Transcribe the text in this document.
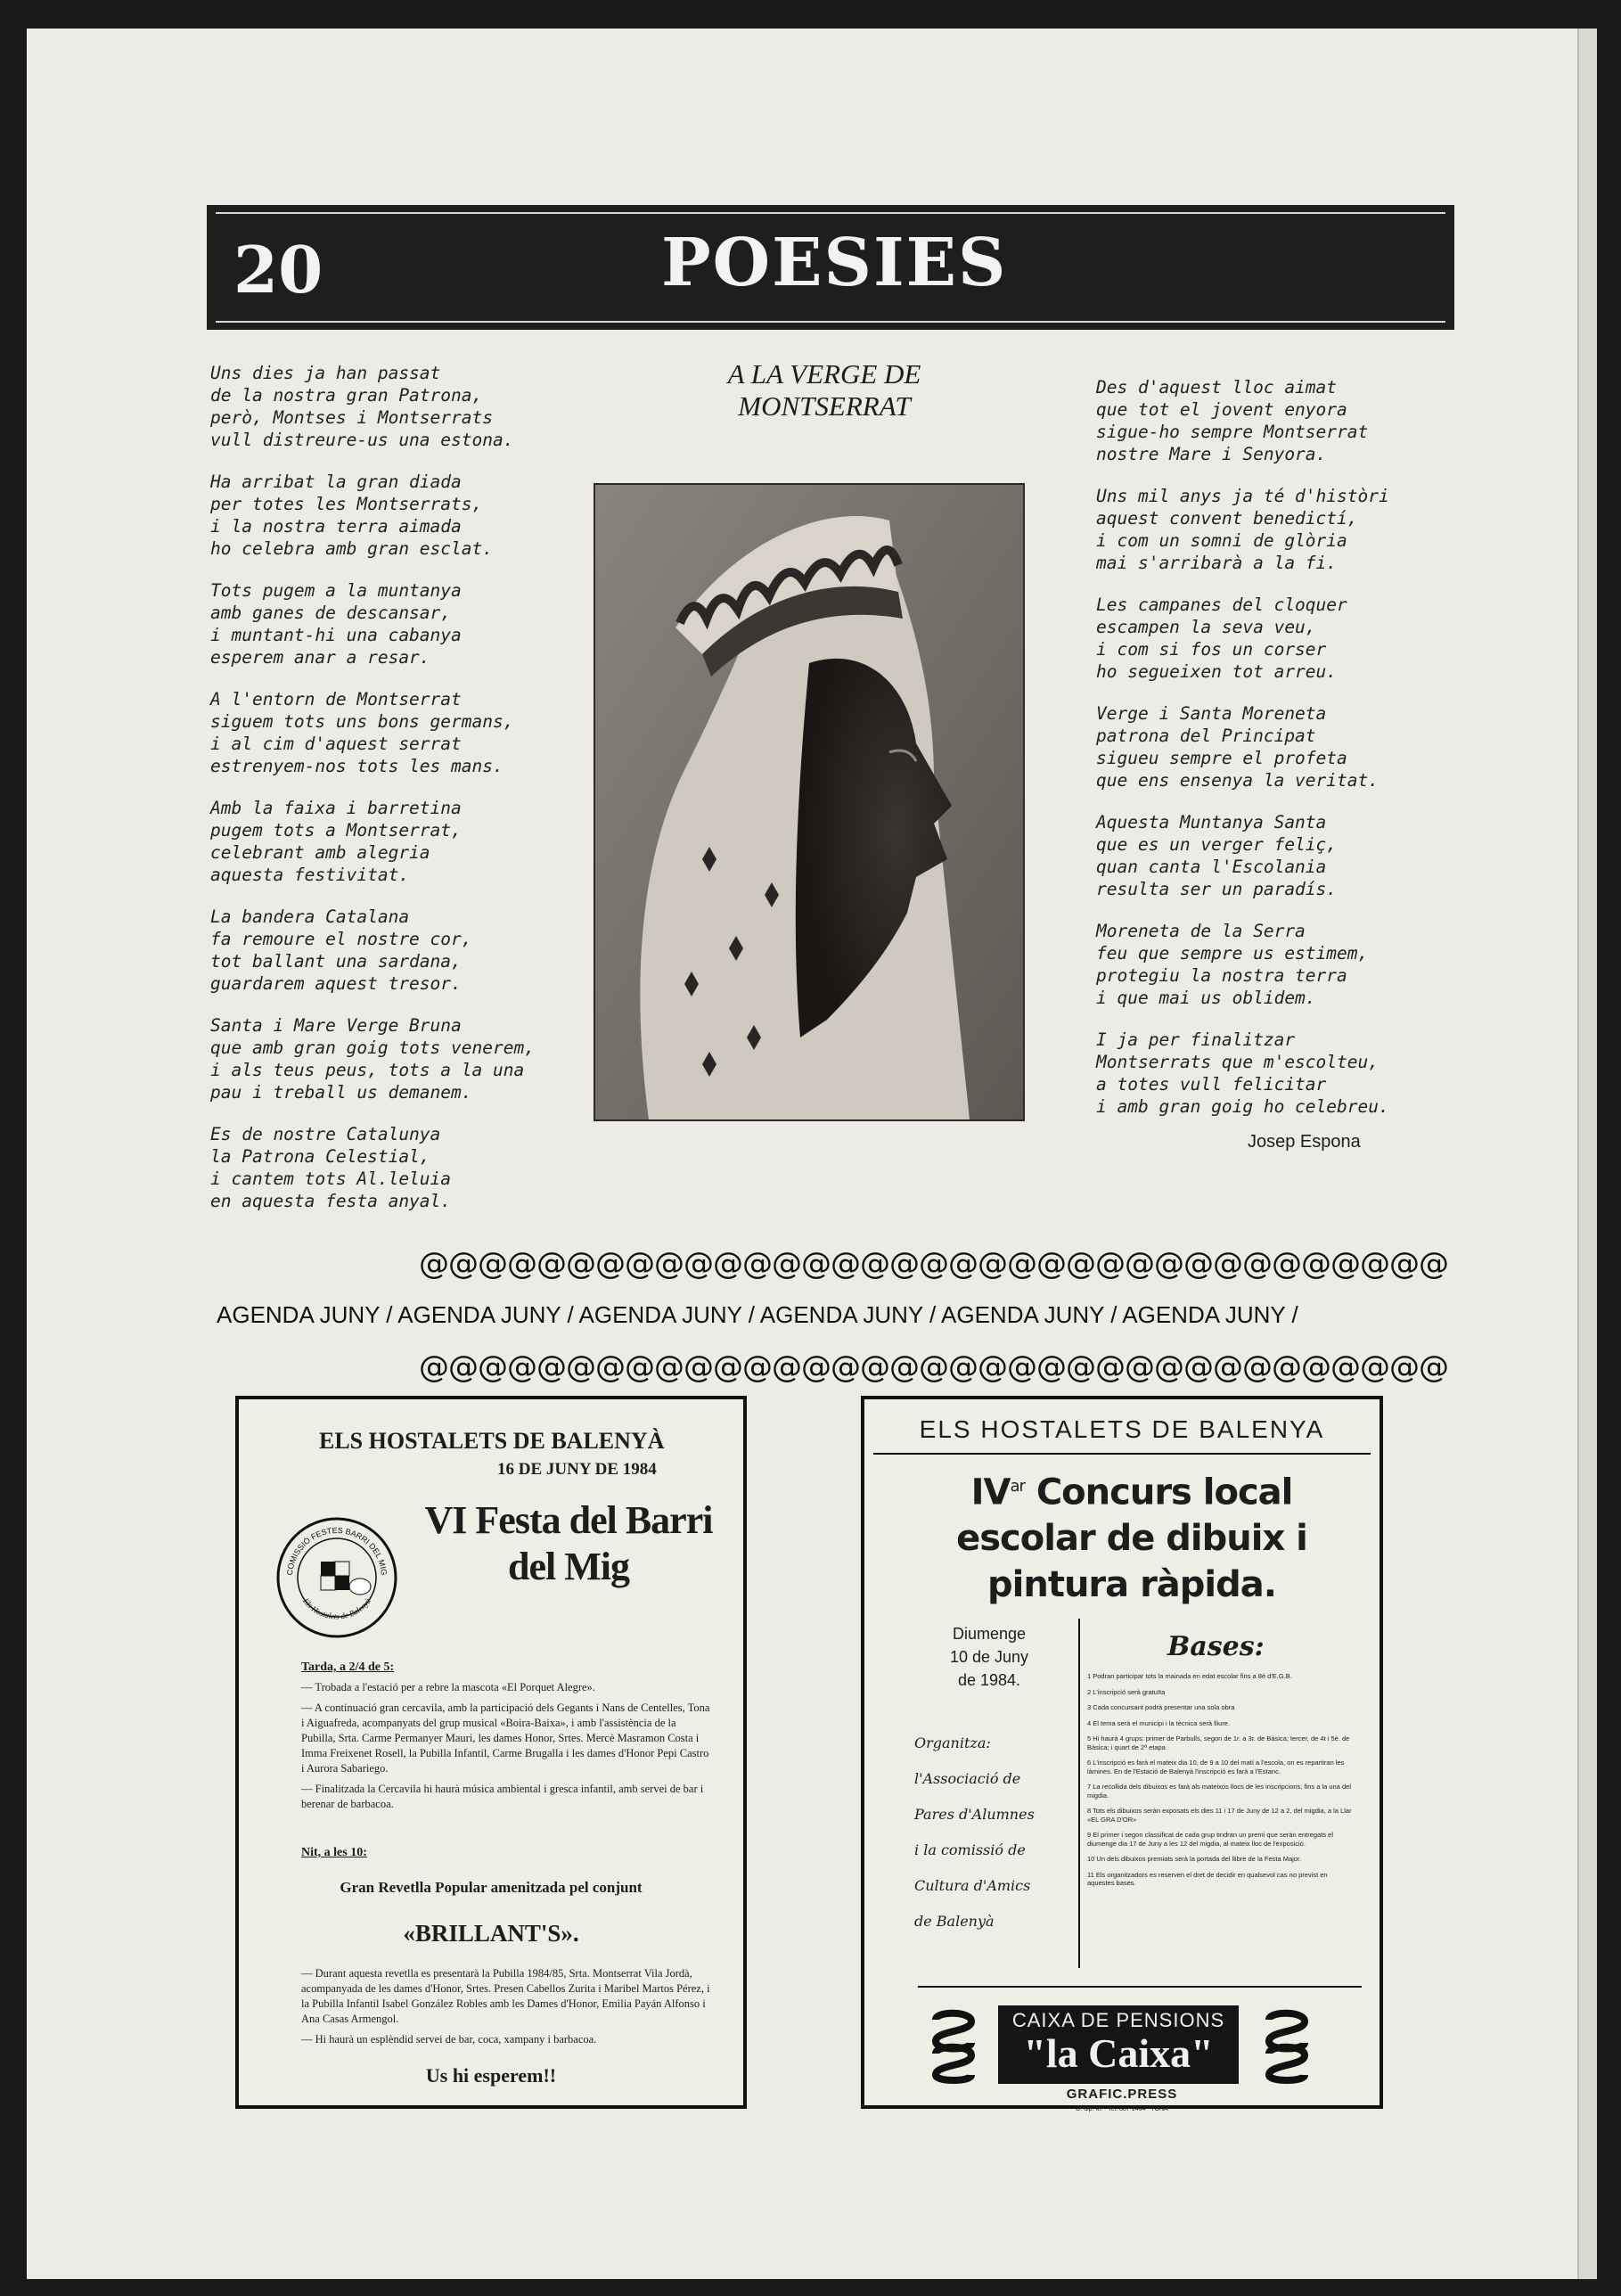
20	POESIES
Uns dies ja han passat
de la nostra gran Patrona,
però, Montses i Montserrats
vull distreure-us una estona.
Ha arribat la gran diada
per totes les Montserrats,
i la nostra terra aimada
ho celebra amb gran esclat.
Tots pugem a la muntanya
amb ganes de descansar,
i muntant-hi una cabanya
esperem anar a resar.
A l'entorn de Montserrat
siguem tots uns bons germans,
i al cim d'aquest serrat
estrenyem-nos tots les mans.
Amb la faixa i barretina
pugem tots a Montserrat,
celebrant amb alegria
aquesta festivitat.
La bandera Catalana
fa remoure el nostre cor,
tot ballant una sardana,
guardarem aquest tresor.
Santa i Mare Verge Bruna
que amb gran goig tots venerem,
i als teus peus, tots a la una
pau i treball us demanem.
Es de nostre Catalunya
la Patrona Celestial,
i cantem tots Al.leluia
en aquesta festa anyal.
A LA VERGE DE MONTSERRAT
Des d'aquest lloc aimat
que tot el jovent enyora
sigue-ho sempre Montserrat
nostre Mare i Senyora.
Uns mil anys ja té d'històri
aquest convent benedictí,
i com un somni de glòria
mai s'arribarà a la fi.
Les campanes del cloquer
escampen la seva veu,
i com si fos un corser
ho segueixen tot arreu.
Verge i Santa Moreneta
patrona del Principat
sigueu sempre el profeta
que ens ensenya la veritat.
Aquesta Muntanya Santa
que es un verger feliç,
quan canta l'Escolania
resulta ser un paradís.
Moreneta de la Serra
feu que sempre us estimem,
protegiu la nostra terra
i que mai us oblidem.
I ja per finalitzar
Montserrats que m'escolteu,
a totes vull felicitar
i amb gran goig ho celebreu.
Josep Espona
@@@@@@@@@@@@@@@@@@@@@@@@@@@@@@@@@@@
AGENDA JUNY / AGENDA JUNY / AGENDA JUNY / AGENDA JUNY / AGENDA JUNY / AGENDA JUNY /
@@@@@@@@@@@@@@@@@@@@@@@@@@@@@@@@@@@
ELS HOSTALETS DE BALENYÀ
16 DE JUNY DE 1984
VI Festa del Barri del Mig
COMISSIÓ FESTES BARRI DEL MIG
Els Hostalets de Balenyà
Tarda, a 2/4 de 5:
— Trobada a l'estació per a rebre la mascota «El Porquet Alegre».
— A continuació gran cercavila, amb la participació dels Gegants i Nans de Centelles, Tona i Aiguafreda, acompanyats del grup musical «Boira-Baixa», i amb l'assistència de la Pubilla, Srta. Carme Permanyer Mauri, les dames Honor, Srtes. Mercè Masramon Costa i Imma Freixenet Rosell, la Pubilla Infantil, Carme Brugalla i les dames d'Honor Pepi Castro i Aurora Sabariego.
— Finalitzada la Cercavila hi haurà música ambiental i gresca infantil, amb servei de bar i berenar de barbacoa.
Nit, a les 10:
Gran Revetlla Popular amenitzada pel conjunt
«BRILLANT'S».
— Durant aquesta revetlla es presentarà la Pubilla 1984/85, Srta. Montserrat Vila Jordà, acompanyada de les dames d'Honor, Srtes. Presen Cabellos Zurita i Maribel Martos Pérez, i la Pubilla Infantil Isabel González Robles amb les Dames d'Honor, Emilia Payán Alfonso i Ana Casas Armengol.
— Hi haurà un esplèndid servei de bar, coca, xampany i barbacoa.
Us hi esperem!!
ELS HOSTALETS DE BALENYA
$IV^{ar}$ Concurs local escolar de dibuix i pintura ràpida.
Diumenge
10 de Juny
de 1984.
Organitza:
l'Associació de
Pares d'Alumnes
i la comissió de
Cultura d'Amics
de Balenyà
Bases:
1 Podran participar tots la mainada en edat escolar fins a 8è d'E.G.B.
2 L'inscripció serà gratuïta
3 Cada concursant podrà presentar una sola obra
4 El tema serà el municipi i la tècnica serà lliure.
5 Hi haurà 4 grups: primer de Parbulls, segon de 1r. a 3r. de Bàsica; tercer, de 4t i 5è. de Bàsica; i quart de 2ª etapa
6 L'inscripció es farà el mateix dia 10, de 9 a 10 del matí a l'escola, on es repartiran les làmines. En de l'Estació de Balenyà l'inscripció es farà a l'Estanc.
7 La recollida dels dibuixos es farà als mateixos llocs de les inscripcions, fins a la una del migdia.
8 Tots els dibuixos seràn exposats els dies 11 i 17 de Juny de 12 a 2, del migdia, a la Llar «EL GRA D'OR»
9 El primer i segon classificat de cada grup tindran un premi que seràn entregats el diumenge dia 17 de Juny a les 12 del migdia, al mateix lloc de l'exposició.
10 Un dels dibuixos premiats serà la portada del llibre de la Festa Major.
11 Els organitzadors es reserven el dret de decidir en qualsevol cas no previst en aquestes bases.
CAIXA DE PENSIONS
"la Caixa"
GRAFIC.PRESS
D. dip. M. - Tel. 887 1464 - TONA
